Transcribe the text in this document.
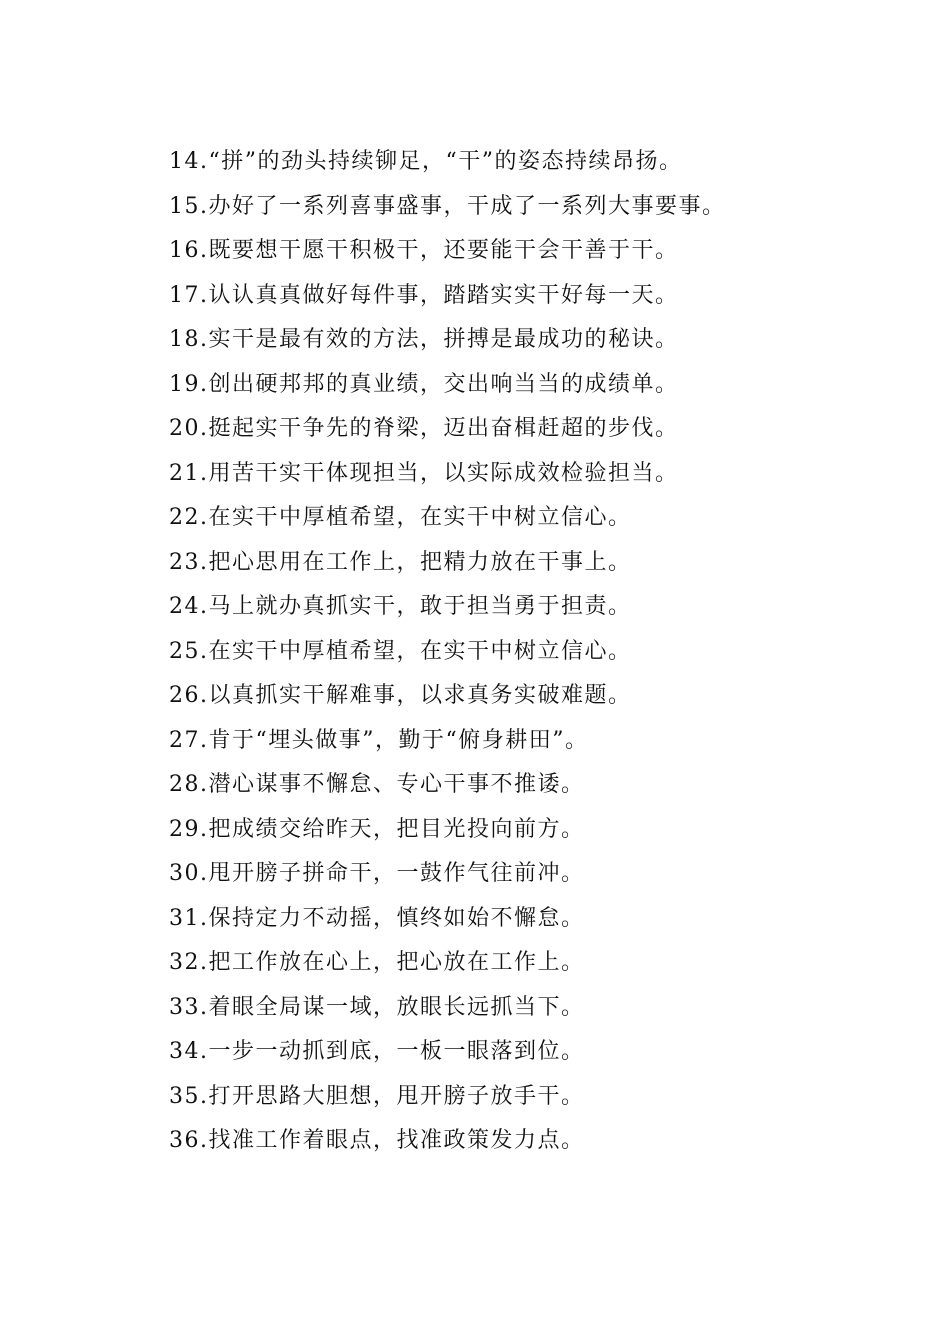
14.“拼”的劲头持续铆足，“干”的姿态持续昂扬。
15.办好了一系列喜事盛事，干成了一系列大事要事。
16.既要想干愿干积极干，还要能干会干善于干。
17.认认真真做好每件事，踏踏实实干好每一天。
18.实干是最有效的方法，拼搏是最成功的秘诀。
19.创出硬邦邦的真业绩，交出响当当的成绩单。
20.挺起实干争先的脊梁，迈出奋楫赶超的步伐。
21.用苦干实干体现担当，以实际成效检验担当。
22.在实干中厚植希望，在实干中树立信心。
23.把心思用在工作上，把精力放在干事上。
24.马上就办真抓实干，敢于担当勇于担责。
25.在实干中厚植希望，在实干中树立信心。
26.以真抓实干解难事，以求真务实破难题。
27.肯于“埋头做事”，勤于“俯身耕田”。
28.潜心谋事不懈怠、专心干事不推诿。
29.把成绩交给昨天，把目光投向前方。
30.甩开膀子拼命干，一鼓作气往前冲。
31.保持定力不动摇，慎终如始不懈怠。
32.把工作放在心上，把心放在工作上。
33.着眼全局谋一域，放眼长远抓当下。
34.一步一动抓到底，一板一眼落到位。
35.打开思路大胆想，甩开膀子放手干。
36.找准工作着眼点，找准政策发力点。
